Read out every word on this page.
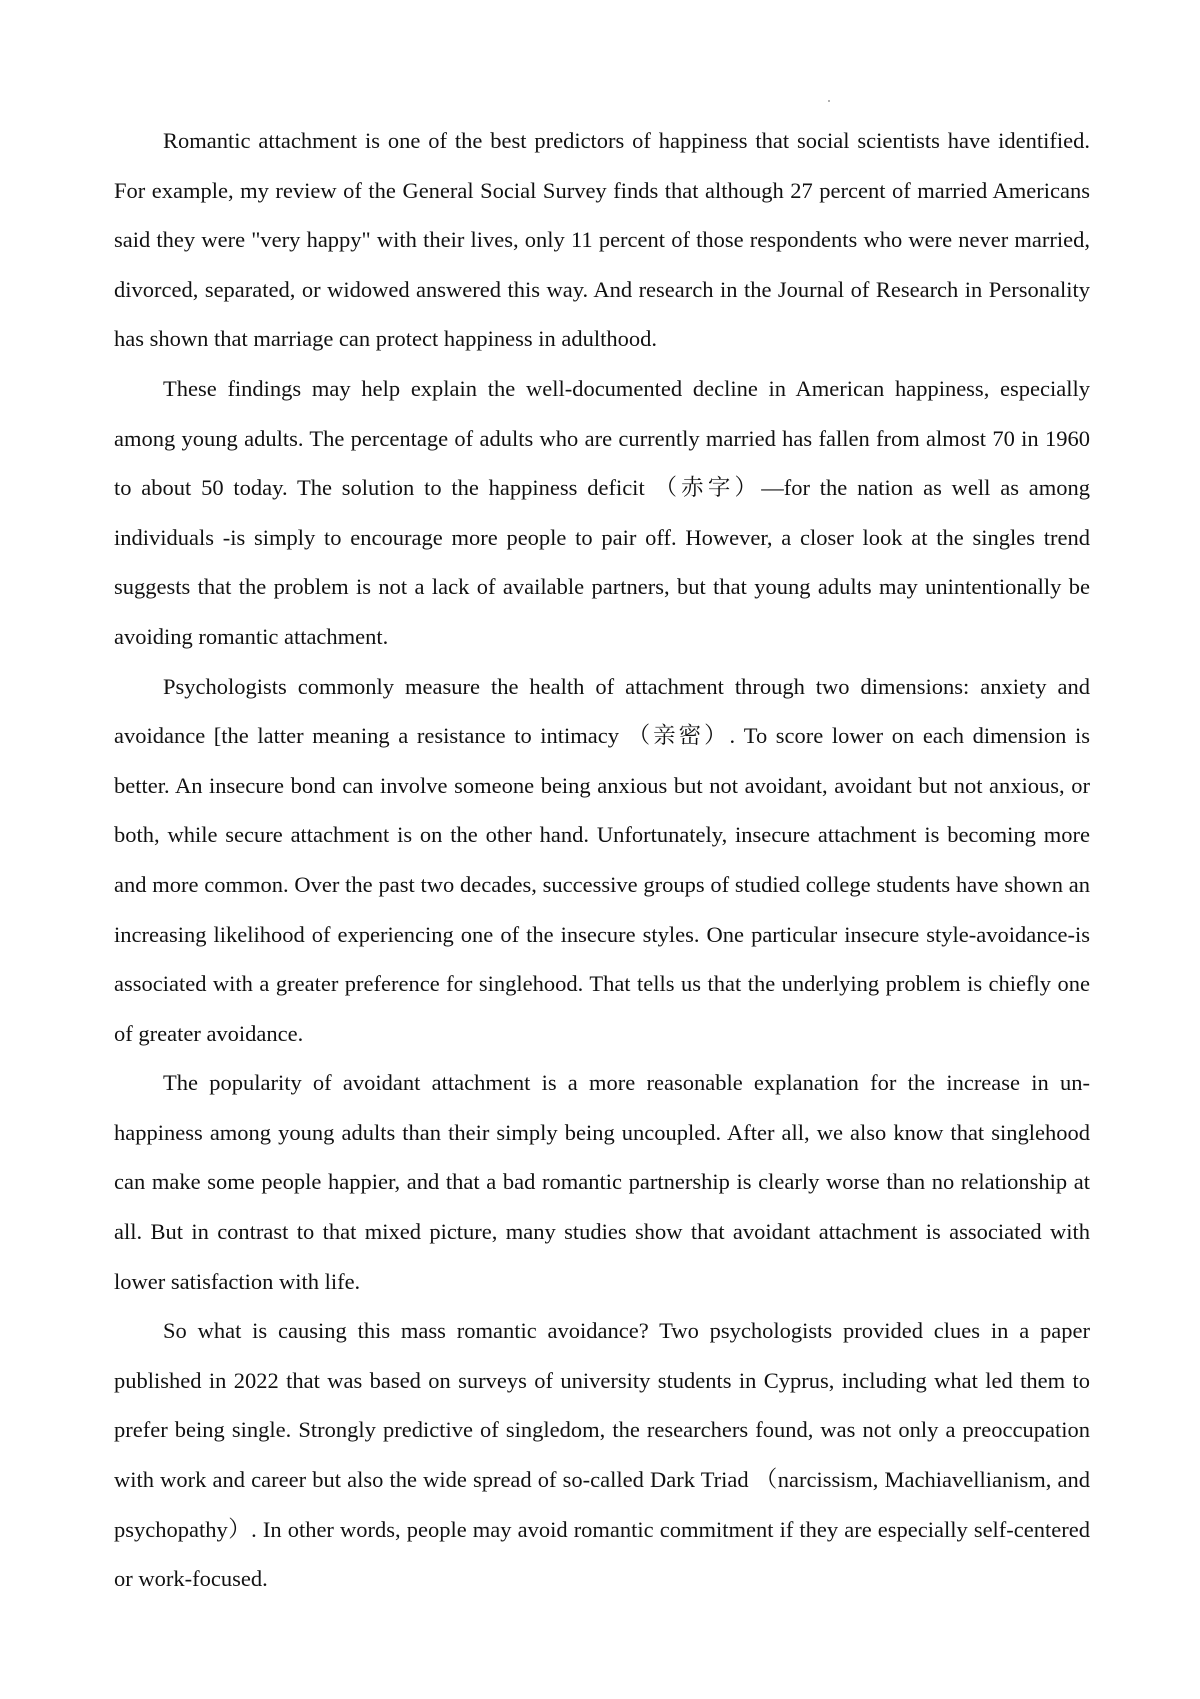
Romantic attachment is one of the best predictors of happiness that social scientists have identified. For example, my review of the General Social Survey finds that although 27 percent of married Americans said they were "very happy" with their lives, only 11 percent of those respondents who were never married, divorced, separated, or widowed answered this way. And research in the Journal of Research in Personality has shown that marriage can protect happiness in adulthood.

These findings may help explain the well-documented decline in American happiness, especially among young adults. The percentage of adults who are currently married has fallen from almost 70 in 1960 to about 50 today. The solution to the happiness deficit （赤字）—for the nation as well as among individuals -is simply to encourage more people to pair off. However, a closer look at the singles trend suggests that the problem is not a lack of available partners, but that young adults may unintentionally be avoiding romantic attachment.

Psychologists commonly measure the health of attachment through two dimensions: anxiety and avoidance [the latter meaning a resistance to intimacy （亲密）. To score lower on each dimension is better. An insecure bond can involve someone being anxious but not avoidant, avoidant but not anxious, or both, while secure attachment is on the other hand. Unfortunately, insecure attachment is becoming more and more common. Over the past two decades, successive groups of studied college students have shown an increasing likelihood of experiencing one of the insecure styles. One particular insecure style-avoidance-is associated with a greater preference for singlehood. That tells us that the underlying problem is chiefly one of greater avoidance.

The popularity of avoidant attachment is a more reasonable explanation for the increase in unhappiness among young adults than their simply being uncoupled. After all, we also know that singlehood can make some people happier, and that a bad romantic partnership is clearly worse than no relationship at all. But in contrast to that mixed picture, many studies show that avoidant attachment is associated with lower satisfaction with life.

So what is causing this mass romantic avoidance? Two psychologists provided clues in a paper published in 2022 that was based on surveys of university students in Cyprus, including what led them to prefer being single. Strongly predictive of singledom, the researchers found, was not only a preoccupation with work and career but also the wide spread of so-called Dark Triad （narcissism, Machiavellianism, and psychopathy）. In other words, people may avoid romantic commitment if they are especially self-centered or work-focused.
